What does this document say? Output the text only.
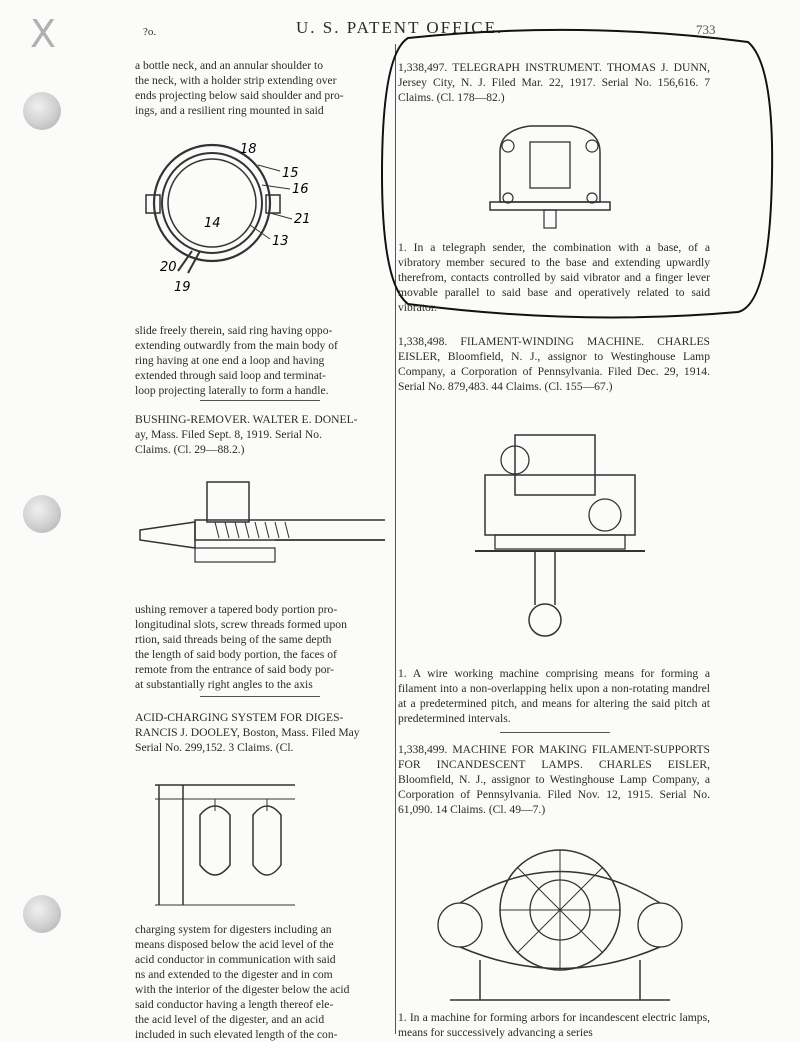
?o.	U. S. PATENT OFFICE.	733
X

a bottle neck, and an annular shoulder to

the neck, with a holder strip extending over

ends projecting below said shoulder and pro-

ings, and a resilient ring mounted in said

18
15
16
14	21
13
20
19

slide freely therein, said ring having oppo-

extending outwardly from the main body of

ring having at one end a loop and having

extended through said loop and terminat-

loop projecting laterally to form a handle.

BUSHING-REMOVER. WALTER E. DONEL-

ay, Mass. Filed Sept. 8, 1919. Serial No.

Claims. (Cl. 29—88.2.)

ushing remover a tapered body portion pro-

longitudinal slots, screw threads formed upon

rtion, said threads being of the same depth

the length of said body portion, the faces of

remote from the entrance of said body por-

at substantially right angles to the axis

ACID-CHARGING SYSTEM FOR DIGES-

RANCIS J. DOOLEY, Boston, Mass. Filed May

Serial No. 299,152. 3 Claims. (Cl.

charging system for digesters including an

means disposed below the acid level of the

acid conductor in communication with said

ns and extended to the digester and in com

with the interior of the digester below the acid

said conductor having a length thereof ele-

the acid level of the digester, and an acid

included in such elevated length of the con-

1,338,497. TELEGRAPH INSTRUMENT. THOMAS J. DUNN, Jersey City, N. J. Filed Mar. 22, 1917. Serial No. 156,616. 7 Claims. (Cl. 178—82.)
1. In a telegraph sender, the combination with a base, of a vibratory member secured to the base and extending upwardly therefrom, contacts controlled by said vibrator and a finger lever movable parallel to said base and operatively related to said vibrator.
1,338,498. FILAMENT-WINDING MACHINE. CHARLES EISLER, Bloomfield, N. J., assignor to Westinghouse Lamp Company, a Corporation of Pennsylvania. Filed Dec. 29, 1914. Serial No. 879,483. 44 Claims. (Cl. 155—67.)
1. A wire working machine comprising means for forming a filament into a non-overlapping helix upon a non-rotating mandrel at a predetermined pitch, and means for altering the said pitch at predetermined intervals.
1,338,499. MACHINE FOR MAKING FILAMENT-SUPPORTS FOR INCANDESCENT LAMPS. CHARLES EISLER, Bloomfield, N. J., assignor to Westinghouse Lamp Company, a Corporation of Pennsylvania. Filed Nov. 12, 1915. Serial No. 61,090. 14 Claims. (Cl. 49—7.)
1. In a machine for forming arbors for incandescent electric lamps, means for successively advancing a series
